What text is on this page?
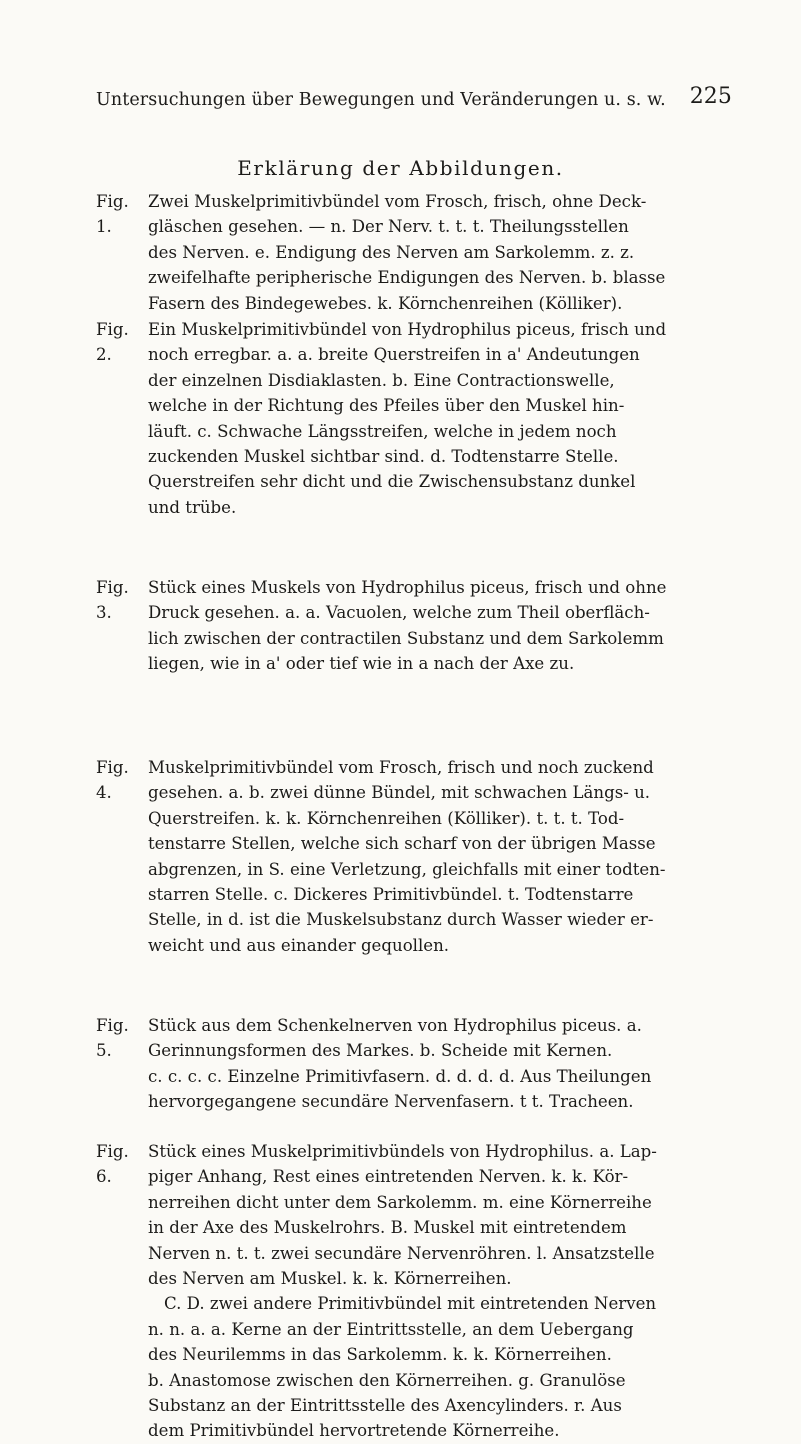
Untersuchungen über Bewegungen und Veränderungen u. s. w. 225
Erklärung der Abbildungen.
Fig. 1.
Zwei Muskelprimitivbündel vom Frosch, frisch, ohne Deck-
gläschen gesehen. — n. Der Nerv. t. t. t. Theilungsstellen
des Nerven. e. Endigung des Nerven am Sarkolemm. z. z.
zweifelhafte peripherische Endigungen des Nerven. b. blasse
Fasern des Bindegewebes. k. Körnchenreihen (Kölliker).
Fig. 2.
Ein Muskelprimitivbündel von Hydrophilus piceus, frisch und
noch erregbar. a. a. breite Querstreifen in a' Andeutungen
der einzelnen Disdiaklasten. b. Eine Contractionswelle,
welche in der Richtung des Pfeiles über den Muskel hin-
läuft. c. Schwache Längsstreifen, welche in jedem noch
zuckenden Muskel sichtbar sind. d. Todtenstarre Stelle.
Querstreifen sehr dicht und die Zwischensubstanz dunkel
und trübe.
Fig. 3.
Stück eines Muskels von Hydrophilus piceus, frisch und ohne
Druck gesehen. a. a. Vacuolen, welche zum Theil oberfläch-
lich zwischen der contractilen Substanz und dem Sarkolemm
liegen, wie in a' oder tief wie in a nach der Axe zu.
Fig. 4.
Muskelprimitivbündel vom Frosch, frisch und noch zuckend
gesehen. a. b. zwei dünne Bündel, mit schwachen Längs- u.
Querstreifen. k. k. Körnchenreihen (Kölliker). t. t. t. Tod-
tenstarre Stellen, welche sich scharf von der übrigen Masse
abgrenzen, in S. eine Verletzung, gleichfalls mit einer todten-
starren Stelle. c. Dickeres Primitivbündel. t. Todtenstarre
Stelle, in d. ist die Muskelsubstanz durch Wasser wieder er-
weicht und aus einander gequollen.
Fig. 5.
Stück aus dem Schenkelnerven von Hydrophilus piceus. a.
Gerinnungsformen des Markes. b. Scheide mit Kernen.
c. c. c. c. Einzelne Primitivfasern. d. d. d. d. Aus Theilungen
hervorgegangene secundäre Nervenfasern. t t. Tracheen.
Fig. 6.
Stück eines Muskelprimitivbündels von Hydrophilus. a. Lap-
piger Anhang, Rest eines eintretenden Nerven. k. k. Kör-
nerreihen dicht unter dem Sarkolemm. m. eine Körnerreihe
in der Axe des Muskelrohrs. B. Muskel mit eintretendem
Nerven n. t. t. zwei secundäre Nervenröhren. l. Ansatzstelle
des Nerven am Muskel. k. k. Körnerreihen.
C. D. zwei andere Primitivbündel mit eintretenden Nerven
n. n. a. a. Kerne an der Eintrittsstelle, an dem Uebergang
des Neurilemms in das Sarkolemm. k. k. Körnerreihen.
b. Anastomose zwischen den Körnerreihen. g. Granulöse
Substanz an der Eintrittsstelle des Axencylinders. r. Aus
dem Primitivbündel hervortretende Körnerreihe.
